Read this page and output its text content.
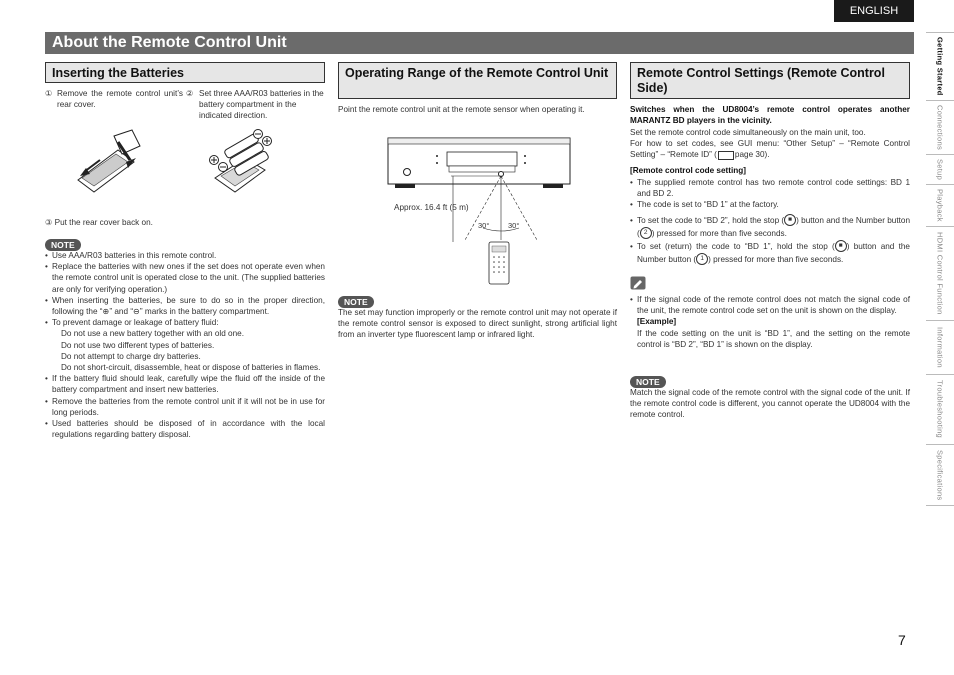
ENGLISH
About the Remote Control Unit	Getting Started
Connections
Setup
Playback
HDMI Control Function
Information
Troubleshooting
Specifications
Inserting the Batteries
① Remove the remote control unit’s rear cover.
② Set three AAA/R03 batteries in the battery compartment in the indicated direction.
③ Put the rear cover back on.
NOTE
• Use AAA/R03 batteries in this remote control.
• Replace the batteries with new ones if the set does not operate even when the remote control unit is operated close to the unit. (The supplied batteries are only for verifying operation.)
• When inserting the batteries, be sure to do so in the proper direction, following the “⊕” and “⊖” marks in the battery compartment.
• To prevent damage or leakage of battery fluid:
Do not use a new battery together with an old one.
Do not use two different types of batteries.
Do not attempt to charge dry batteries.
Do not short-circuit, disassemble, heat or dispose of batteries in flames.
• If the battery fluid should leak, carefully wipe the fluid off the inside of the battery compartment and insert new batteries.
• Remove the batteries from the remote control unit if it will not be in use for long periods.
• Used batteries should be disposed of in accordance with the local regulations regarding battery disposal.
Operating Range of the Remote Control Unit
Point the remote control unit at the remote sensor when operating it.
Approx. 16.4 ft (5 m)
30° 30°
NOTE
The set may function improperly or the remote control unit may not operate if the remote control sensor is exposed to direct sunlight, strong artificial light from an inverter type fluorescent lamp or infrared light.
Remote Control Settings (Remote Control Side)
Switches when the UD8004’s remote control operates another MARANTZ BD players in the vicinity.
Set the remote control code simultaneously on the main unit, too.
For how to set codes, see GUI menu: “Other Setup” – “Remote Control Setting” – “Remote ID” ( page 30).
[Remote control code setting]
• The supplied remote control has two remote control code settings: BD 1 and BD 2.
• The code is set to “BD 1” at the factory.
• To set the code to “BD 2”, hold the stop ( ■ ) button and the Number button ( 2 ) pressed for more than five seconds.
• To set (return) the code to “BD 1”, hold the stop ( ■ ) button and the Number button ( 1 ) pressed for more than five seconds.
• If the signal code of the remote control does not match the signal code of the unit, the remote control code set on the unit is shown on the display.
[Example]
If the code setting on the unit is “BD 1”, and the setting on the remote control is “BD 2”, “BD 1” is shown on the display.
NOTE
Match the signal code of the remote control with the signal code of the unit. If the remote control code is different, you cannot operate the UD8004 with the remote control.
7
